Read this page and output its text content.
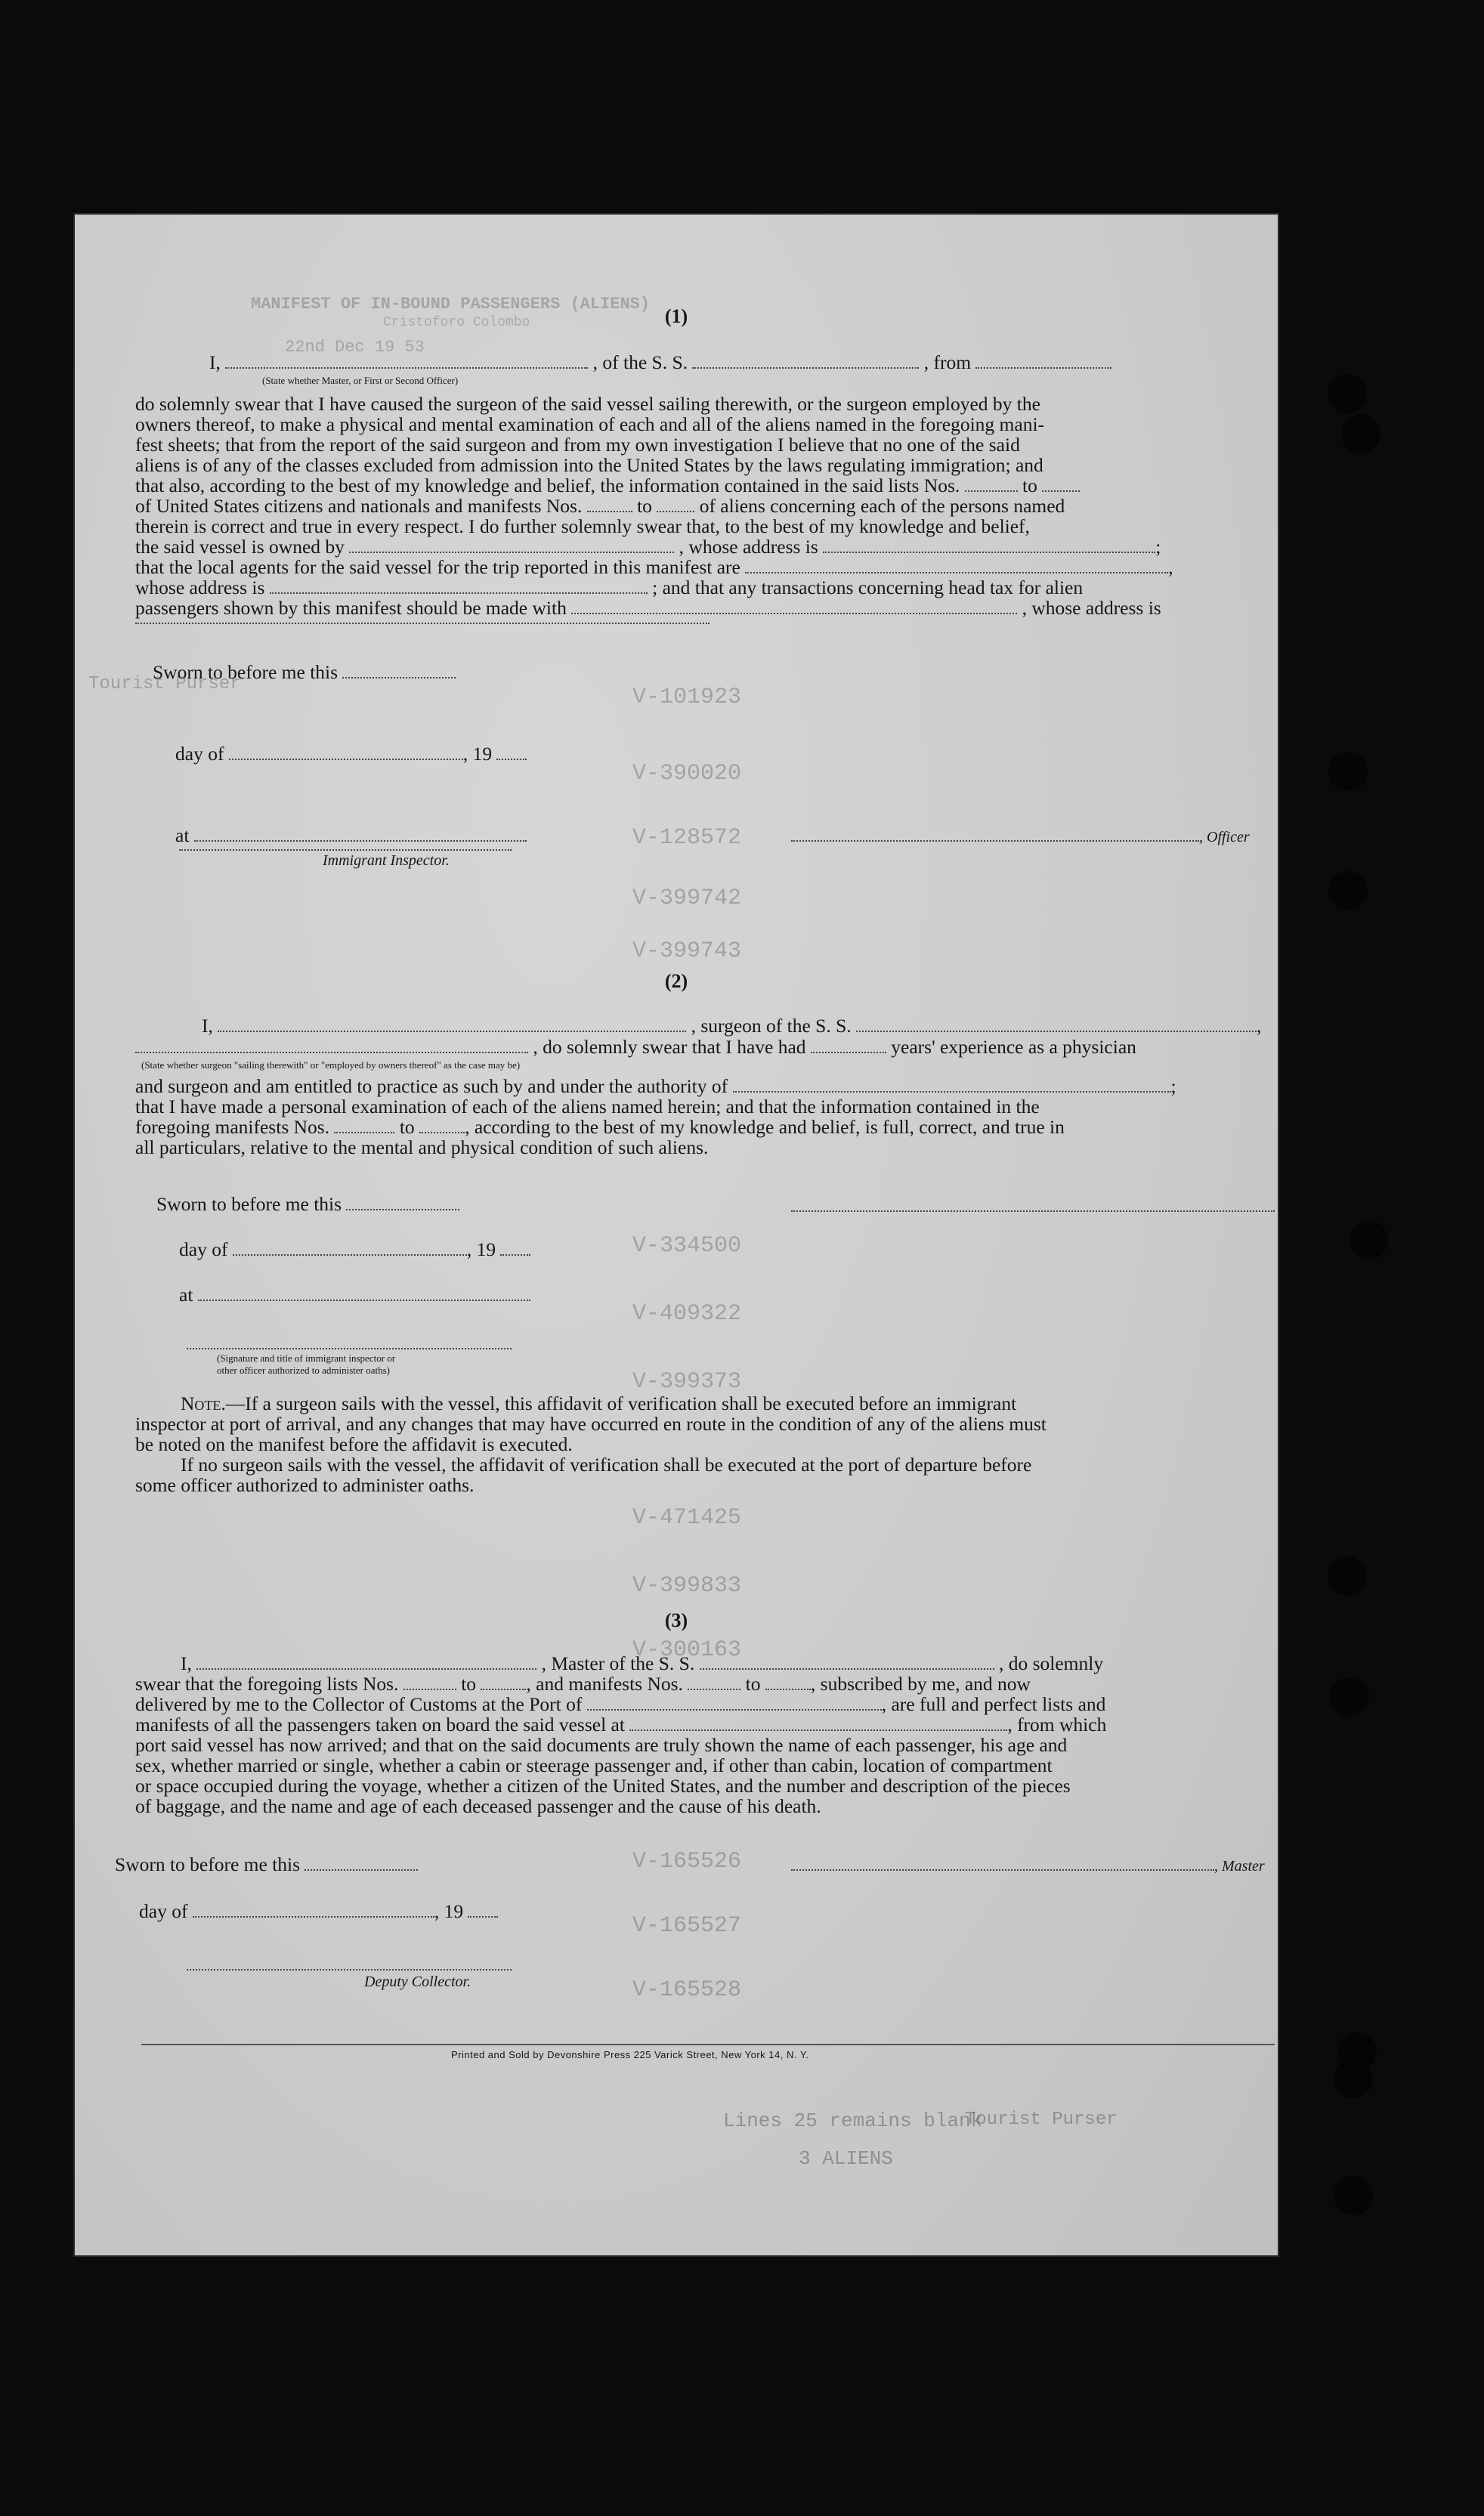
MANIFEST OF IN-BOUND PASSENGERS (ALIENS)
Cristoforo Colombo
22nd Dec 19 53
V-101923
V-390020
V-128572
V-399742
V-399743
V-334500
V-409322
V-399373
V-471425
V-399833
V-300163
V-165526
V-165527
V-165528
Tourist Purser
Lines 25 remains blank
3 ALIENS
Tourist Purser
(1)
I,	, of the S. S.	, from
(State whether Master, or First or Second Officer)
do solemnly swear that I have caused the surgeon of the said vessel sailing therewith, or the surgeon employed by the
owners thereof, to make a physical and mental examination of each and all of the aliens named in the foregoing mani-
fest sheets; that from the report of the said surgeon and from my own investigation I believe that no one of the said
aliens is of any of the classes excluded from admission into the United States by the laws regulating immigration; and
that also, according to the best of my knowledge and belief, the information contained in the said lists Nos.	to
of United States citizens and nationals and manifests Nos.	to of aliens concerning each of the persons named
therein is correct and true in every respect. I do further solemnly swear that, to the best of my knowledge and belief,
the said vessel is owned by	, whose address is	;
that the local agents for the said vessel for the trip reported in this manifest are	,
whose address is	; and that any transactions concerning head tax for alien
passengers shown by this manifest should be made with	, whose address is
Sworn to before me this
day of	, 19
at	, Officer
Immigrant Inspector.
(2)
I,	, surgeon of the S. S.	,
, do solemnly swear that I have had	years' experience as a physician
(State whether surgeon "sailing therewith" or "employed by owners thereof" as the case may be)
and surgeon and am entitled to practice as such by and under the authority of	;
that I have made a personal examination of each of the aliens named herein; and that the information contained in the
foregoing manifests Nos.	to	, according to the best of my knowledge and belief, is full, correct, and true in
all particulars, relative to the mental and physical condition of such aliens.
Sworn to before me this
day of	, 19
at
(Signature and title of immigrant inspector or
other officer authorized to administer oaths)
Note.—If a surgeon sails with the vessel, this affidavit of verification shall be executed before an immigrant
inspector at port of arrival, and any changes that may have occurred en route in the condition of any of the aliens must
be noted on the manifest before the affidavit is executed.
If no surgeon sails with the vessel, the affidavit of verification shall be executed at the port of departure before
some officer authorized to administer oaths.
(3)
I,	, Master of the S. S.	, do solemnly
swear that the foregoing lists Nos.	to	, and manifests Nos.	to	, subscribed by me, and now
delivered by me to the Collector of Customs at the Port of	, are full and perfect lists and
manifests of all the passengers taken on board the said vessel at	, from which
port said vessel has now arrived; and that on the said documents are truly shown the name of each passenger, his age and
sex, whether married or single, whether a cabin or steerage passenger and, if other than cabin, location of compartment
or space occupied during the voyage, whether a citizen of the United States, and the number and description of the pieces
of baggage, and the name and age of each deceased passenger and the cause of his death.
Sworn to before me this	, Master
day of	, 19
Deputy Collector.
Printed and Sold by Devonshire Press 225 Varick Street, New York 14, N. Y.
